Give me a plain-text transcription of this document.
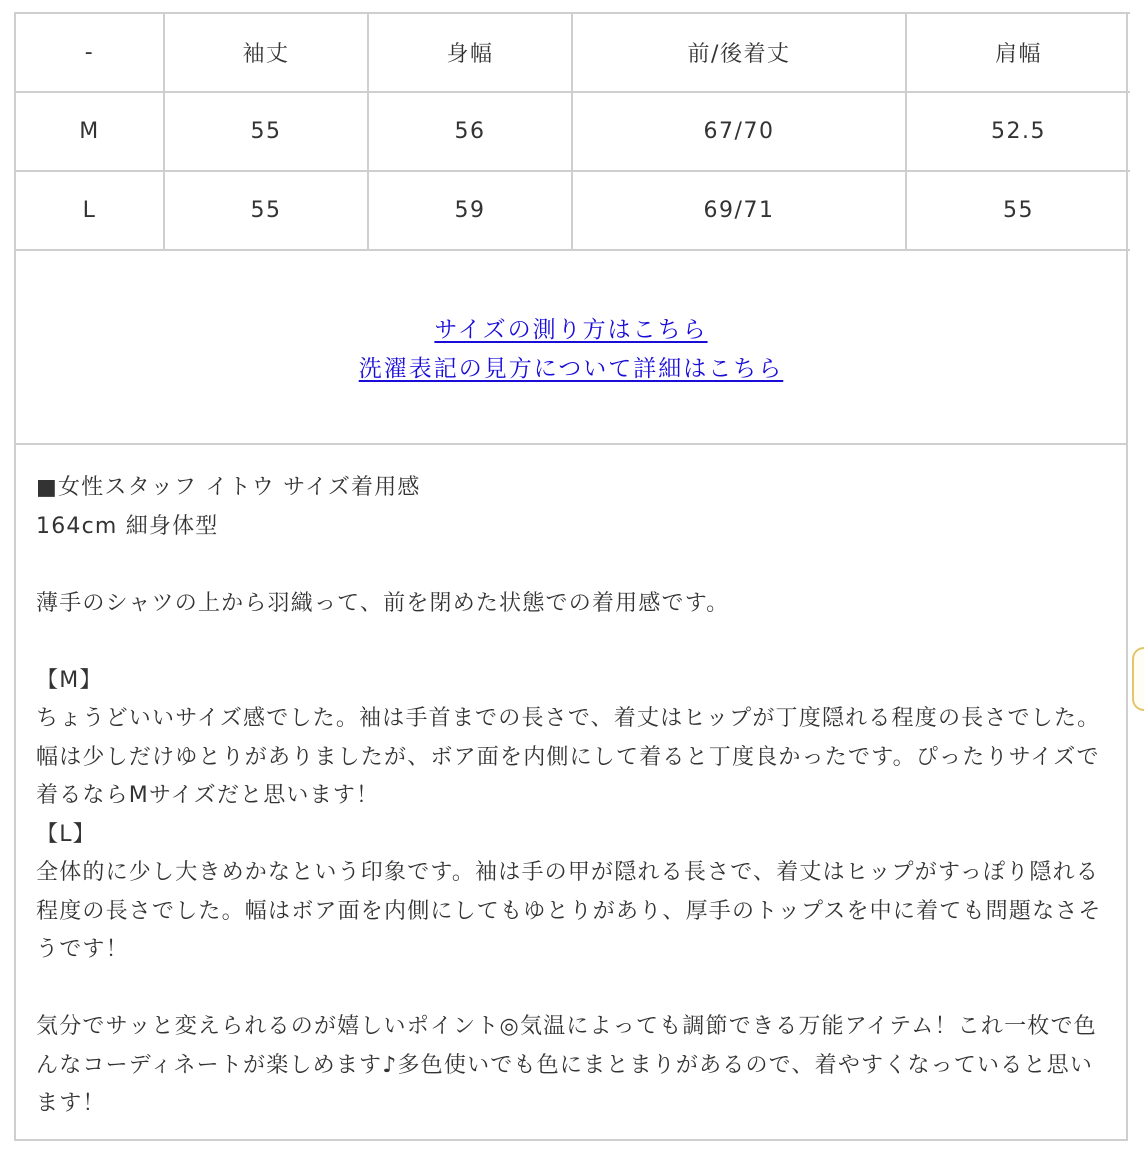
-	袖丈	身幅	前/後着丈	肩幅
M	55	56	67/70	52.5
L	55	59	69/71	55
サイズの測り方はこちら
洗濯表記の見方について詳細はこちら

■女性スタッフ イトウ サイズ着用感

164cm 細身体型

薄手のシャツの上から羽織って、前を閉めた状態での着用感です。

【M】

ちょうどいいサイズ感でした。袖は手首までの長さで、着丈はヒップが丁度隠れる程度の長さでした。幅は少しだけゆとりがありましたが、ボア面を内側にして着ると丁度良かったです。ぴったりサイズで着るならMサイズだと思います！

【L】

全体的に少し大きめかなという印象です。袖は手の甲が隠れる長さで、着丈はヒップがすっぽり隠れる程度の長さでした。幅はボア面を内側にしてもゆとりがあり、厚手のトップスを中に着ても問題なさそうです！

気分でサッと変えられるのが嬉しいポイント◎気温によっても調節できる万能アイテム！これ一枚で色んなコーディネートが楽しめます♪多色使いでも色にまとまりがあるので、着やすくなっていると思います！
